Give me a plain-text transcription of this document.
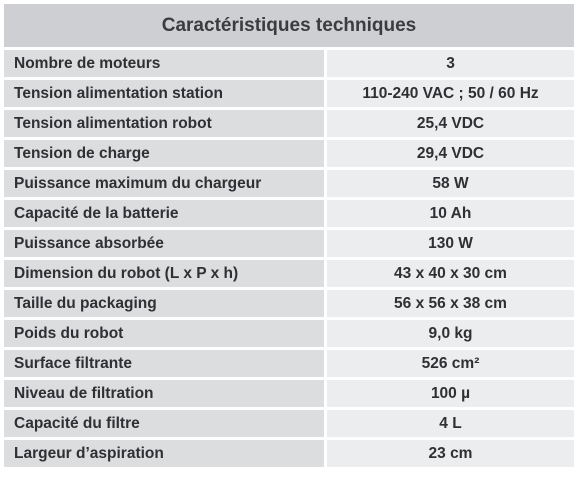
Caractéristiques techniques	
Nombre de moteurs	3
Tension alimentation station	110-240 VAC ; 50 / 60 Hz
Tension alimentation robot	25,4 VDC
Tension de charge	29,4 VDC
Puissance maximum du chargeur	58 W
Capacité de la batterie	10 Ah
Puissance absorbée	130 W
Dimension du robot (L x P x h)	43 x 40 x 30 cm
Taille du packaging	56 x 56 x 38 cm
Poids du robot	9,0 kg
Surface filtrante	526 cm²
Niveau de filtration	100 µ
Capacité du filtre	4 L
Largeur d’aspiration	23 cm
